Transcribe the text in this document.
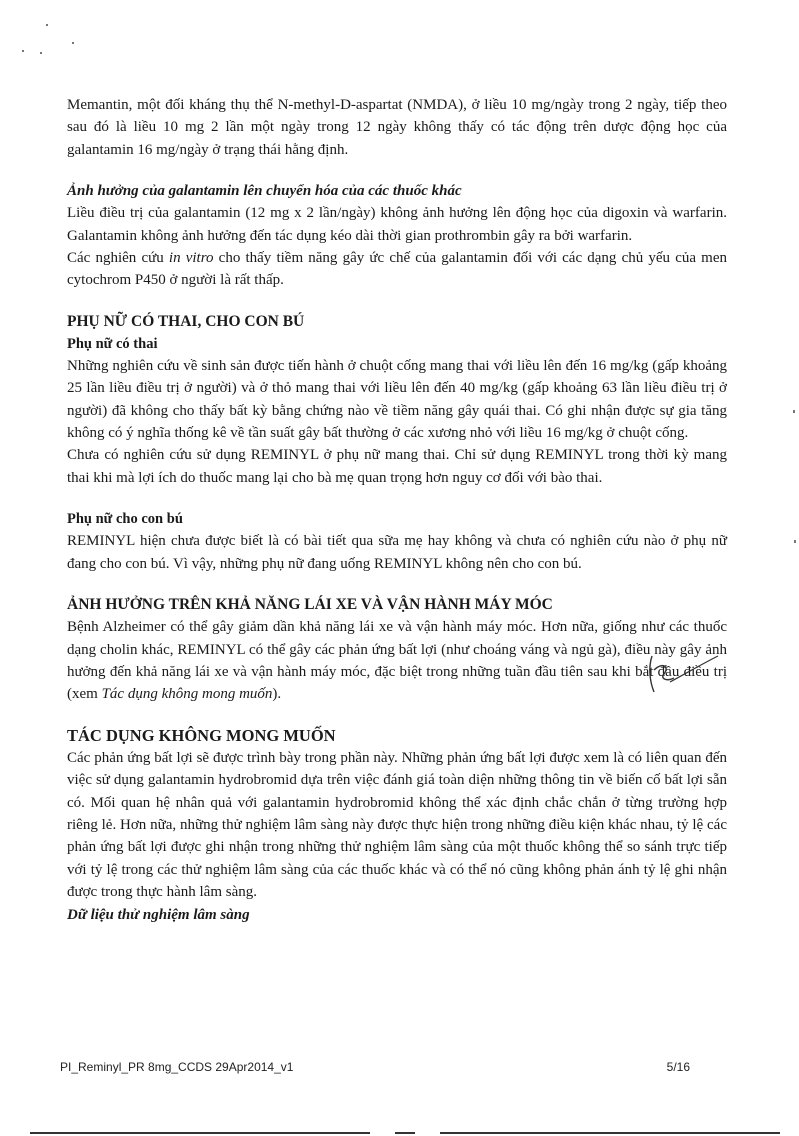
Memantin, một đối kháng thụ thể N-methyl-D-aspartat (NMDA), ở liều 10 mg/ngày trong 2 ngày, tiếp theo sau đó là liều 10 mg 2 lần một ngày trong 12 ngày không thấy có tác động trên dược động học của galantamin 16 mg/ngày ở trạng thái hằng định.

Ảnh hưởng của galantamin lên chuyển hóa của các thuốc khác

Liều điều trị của galantamin (12 mg x 2 lần/ngày) không ảnh hưởng lên động học của digoxin và warfarin. Galantamin không ảnh hưởng đến tác dụng kéo dài thời gian prothrombin gây ra bởi warfarin.

Các nghiên cứu in vitro cho thấy tiềm năng gây ức chế của galantamin đối với các dạng chủ yếu của men cytochrom P450 ở người là rất thấp.

PHỤ NỮ CÓ THAI, CHO CON BÚ
Phụ nữ có thai

Những nghiên cứu về sinh sản được tiến hành ở chuột cống mang thai với liều lên đến 16 mg/kg (gấp khoảng 25 lần liều điều trị ở người) và ở thỏ mang thai với liều lên đến 40 mg/kg (gấp khoảng 63 lần liều điều trị ở người) đã không cho thấy bất kỳ bằng chứng nào về tiềm năng gây quái thai. Có ghi nhận được sự gia tăng không có ý nghĩa thống kê về tần suất gây bất thường ở các xương nhỏ với liều 16 mg/kg ở chuột cống.

Chưa có nghiên cứu sử dụng REMINYL ở phụ nữ mang thai. Chỉ sử dụng REMINYL trong thời kỳ mang thai khi mà lợi ích do thuốc mang lại cho bà mẹ quan trọng hơn nguy cơ đối với bào thai.

Phụ nữ cho con bú

REMINYL hiện chưa được biết là có bài tiết qua sữa mẹ hay không và chưa có nghiên cứu nào ở phụ nữ đang cho con bú. Vì vậy, những phụ nữ đang uống REMINYL không nên cho con bú.

ẢNH HƯỞNG TRÊN KHẢ NĂNG LÁI XE VÀ VẬN HÀNH MÁY MÓC

Bệnh Alzheimer có thể gây giảm dần khả năng lái xe và vận hành máy móc. Hơn nữa, giống như các thuốc dạng cholin khác, REMINYL có thể gây các phản ứng bất lợi (như choáng váng và ngủ gà), điều này gây ảnh hưởng đến khả năng lái xe và vận hành máy móc, đặc biệt trong những tuần đầu tiên sau khi bắt đầu điều trị (xem Tác dụng không mong muốn).

TÁC DỤNG KHÔNG MONG MUỐN

Các phản ứng bất lợi sẽ được trình bày trong phần này. Những phản ứng bất lợi được xem là có liên quan đến việc sử dụng galantamin hydrobromid dựa trên việc đánh giá toàn diện những thông tin về biến cố bất lợi sẵn có. Mối quan hệ nhân quả với galantamin hydrobromid không thể xác định chắc chắn ở từng trường hợp riêng lẻ. Hơn nữa, những thử nghiệm lâm sàng này được thực hiện trong những điều kiện khác nhau, tỷ lệ các phản ứng bất lợi được ghi nhận trong những thử nghiệm lâm sàng của một thuốc không thể so sánh trực tiếp với tỷ lệ trong các thử nghiệm lâm sàng của các thuốc khác và có thể nó cũng không phản ánh tỷ lệ ghi nhận được trong thực hành lâm sàng.

Dữ liệu thử nghiệm lâm sàng
PI_Reminyl_PR 8mg_CCDS 29Apr2014_v1	5/16
